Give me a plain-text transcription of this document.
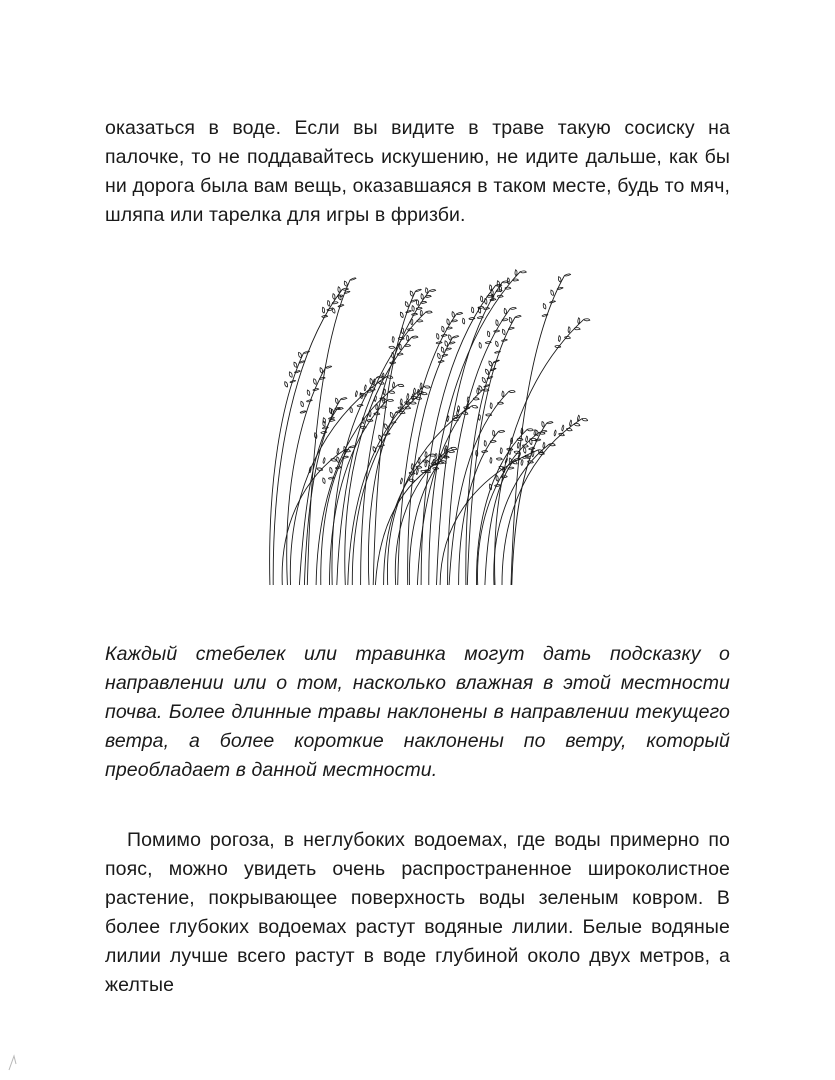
оказаться в воде. Если вы видите в траве такую сосиску на палочке, то не поддавайтесь искушению, не идите дальше, как бы ни дорога была вам вещь, оказавшаяся в таком месте, будь то мяч, шляпа или тарелка для игры в фризби.

Каждый стебелек или травинка могут дать подсказку о направлении или о том, насколько влажная в этой местности почва. Более длинные травы наклонены в направлении текущего ветра, а более короткие наклонены по ветру, который преобладает в данной местности.

Помимо рогоза, в неглубоких водоемах, где воды примерно по пояс, можно увидеть очень распространенное широколистное растение, покрывающее поверхность воды зеленым ковром. В более глубоких водоемах растут водяные лилии. Белые водяные лилии лучше всего растут в воде глубиной около двух метров, а желтые
